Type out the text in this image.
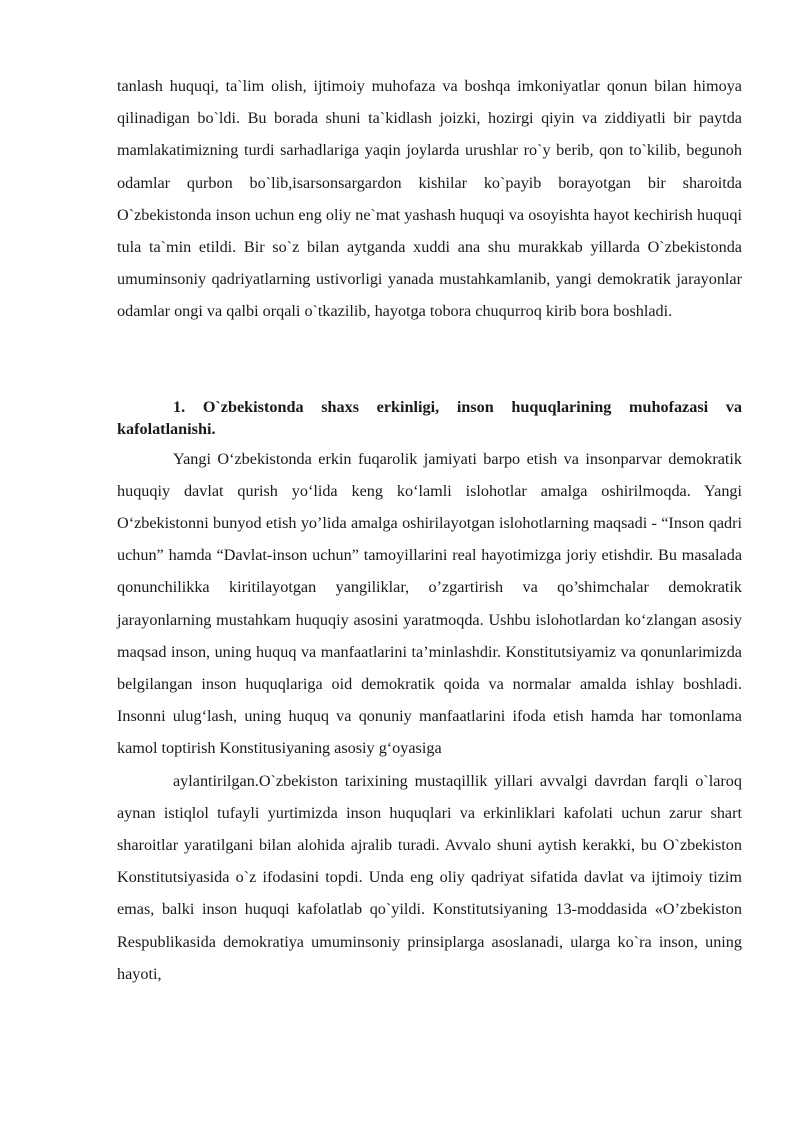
tanlash huquqi, ta`lim olish, ijtimoiy muhofaza va boshqa imkoniyatlar qonun bilan himoya qilinadigan bo`ldi. Bu borada shuni ta`kidlash joizki, hozirgi qiyin va ziddiyatli bir paytda mamlakatimizning turdi sarhadlariga yaqin joylarda urushlar ro`y berib, qon to`kilib, begunoh odamlar qurbon bo`lib,isarsonsargardon kishilar ko`payib borayotgan bir sharoitda O`zbekistonda inson uchun eng oliy ne`mat yashash huquqi va osoyishta hayot kechirish huquqi tula ta`min etildi. Bir so`z bilan aytganda xuddi ana shu murakkab yillarda O`zbekistonda umuminsoniy qadriyatlarning ustivorligi yanada mustahkamlanib, yangi demokratik jarayonlar odamlar ongi va qalbi orqali o`tkazilib, hayotga tobora chuqurroq kirib bora boshladi.

1. O`zbekistonda shaxs erkinligi, inson huquqlarining muhofazasi va kafolatlanishi.

Yangi O‘zbekistonda erkin fuqarolik jamiyati barpo etish va insonparvar demokratik huquqiy davlat qurish yo‘lida keng ko‘lamli islohotlar amalga oshirilmoqda. Yangi O‘zbekistonni bunyod etish yo’lida amalga oshirilayotgan islohotlarning maqsadi - “Inson qadri uchun” hamda “Davlat-inson uchun” tamoyillarini real hayotimizga joriy etishdir. Bu masalada qonunchilikka kiritilayotgan yangiliklar, o’zgartirish va qo’shimchalar demokratik jarayonlarning mustahkam huquqiy asosini yaratmoqda. Ushbu islohotlardan ko‘zlangan asosiy maqsad inson, uning huquq va manfaatlarini ta’minlashdir. Konstitutsiyamiz va qonunlarimizda belgilangan inson huquqlariga oid demokratik qoida va normalar amalda ishlay boshladi. Insonni ulug‘lash, uning huquq va qonuniy manfaatlarini ifoda etish hamda har tomonlama kamol toptirish Konstitusiyaning asosiy g‘oyasiga

aylantirilgan.O`zbekiston tarixining mustaqillik yillari avvalgi davrdan farqli o`laroq aynan istiqlol tufayli yurtimizda inson huquqlari va erkinliklari kafolati uchun zarur shart sharoitlar yaratilgani bilan alohida ajralib turadi. Avvalo shuni aytish kerakki, bu O`zbekiston Konstitutsiyasida o`z ifodasini topdi. Unda eng oliy qadriyat sifatida davlat va ijtimoiy tizim emas, balki inson huquqi kafolatlab qo`yildi. Konstitutsiyaning 13-moddasida «O’zbekiston Respublikasida demokratiya umuminsoniy prinsiplarga asoslanadi, ularga ko`ra inson, uning hayoti,
